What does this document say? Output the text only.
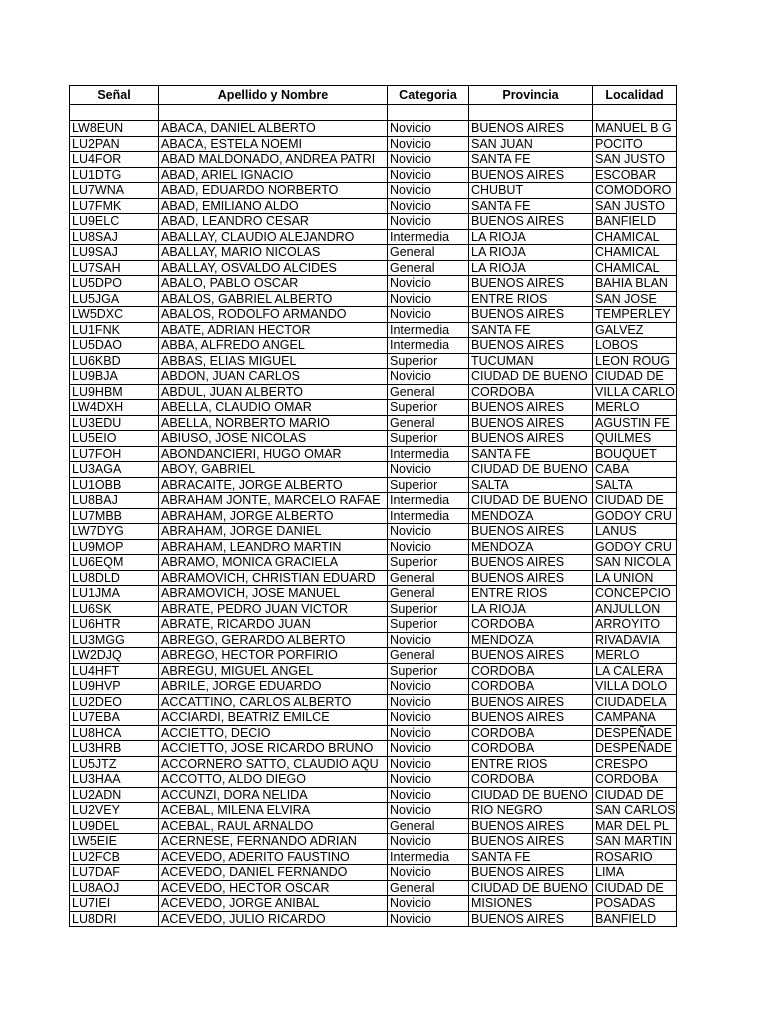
Señal	Apellido y Nombre	Categoria	Provincia	Localidad

LW8EUN	ABACA, DANIEL ALBERTO	Novicio	BUENOS AIRES	MANUEL B G
LU2PAN	ABACA, ESTELA NOEMI	Novicio	SAN JUAN	POCITO
LU4FOR	ABAD MALDONADO, ANDREA PATRI	Novicio	SANTA FE	SAN JUSTO
LU1DTG	ABAD, ARIEL IGNACIO	Novicio	BUENOS AIRES	ESCOBAR
LU7WNA	ABAD, EDUARDO NORBERTO	Novicio	CHUBUT	COMODORO
LU7FMK	ABAD, EMILIANO ALDO	Novicio	SANTA FE	SAN JUSTO
LU9ELC	ABAD, LEANDRO CESAR	Novicio	BUENOS AIRES	BANFIELD
LU8SAJ	ABALLAY, CLAUDIO ALEJANDRO	Intermedia	LA RIOJA	CHAMICAL
LU9SAJ	ABALLAY, MARIO NICOLAS	General	LA RIOJA	CHAMICAL
LU7SAH	ABALLAY, OSVALDO ALCIDES	General	LA RIOJA	CHAMICAL
LU5DPO	ABALO, PABLO OSCAR	Novicio	BUENOS AIRES	BAHIA BLAN
LU5JGA	ABALOS, GABRIEL ALBERTO	Novicio	ENTRE RIOS	SAN JOSE
LW5DXC	ABALOS, RODOLFO ARMANDO	Novicio	BUENOS AIRES	TEMPERLEY
LU1FNK	ABATE, ADRIAN HECTOR	Intermedia	SANTA FE	GALVEZ
LU5DAO	ABBA, ALFREDO ANGEL	Intermedia	BUENOS AIRES	LOBOS
LU6KBD	ABBAS, ELIAS MIGUEL	Superior	TUCUMAN	LEON ROUG
LU9BJA	ABDON, JUAN CARLOS	Novicio	CIUDAD DE BUENO	CIUDAD DE
LU9HBM	ABDUL, JUAN ALBERTO	General	CORDOBA	VILLA CARLO
LW4DXH	ABELLA, CLAUDIO OMAR	Superior	BUENOS AIRES	MERLO
LU3EDU	ABELLA, NORBERTO MARIO	General	BUENOS AIRES	AGUSTIN FE
LU5EIO	ABIUSO, JOSE NICOLAS	Superior	BUENOS AIRES	QUILMES
LU7FOH	ABONDANCIERI, HUGO OMAR	Intermedia	SANTA FE	BOUQUET
LU3AGA	ABOY, GABRIEL	Novicio	CIUDAD DE BUENO	CABA
LU1OBB	ABRACAITE, JORGE ALBERTO	Superior	SALTA	SALTA
LU8BAJ	ABRAHAM JONTE, MARCELO RAFAE	Intermedia	CIUDAD DE BUENO	CIUDAD DE
LU7MBB	ABRAHAM, JORGE ALBERTO	Intermedia	MENDOZA	GODOY CRU
LW7DYG	ABRAHAM, JORGE DANIEL	Novicio	BUENOS AIRES	LANUS
LU9MOP	ABRAHAM, LEANDRO MARTIN	Novicio	MENDOZA	GODOY CRU
LU6EQM	ABRAMO, MONICA GRACIELA	Superior	BUENOS AIRES	SAN NICOLA
LU8DLD	ABRAMOVICH, CHRISTIAN EDUARD	General	BUENOS AIRES	LA UNION
LU1JMA	ABRAMOVICH, JOSE MANUEL	General	ENTRE RIOS	CONCEPCIO
LU6SK	ABRATE, PEDRO JUAN VICTOR	Superior	LA RIOJA	ANJULLON
LU6HTR	ABRATE, RICARDO JUAN	Superior	CORDOBA	ARROYITO
LU3MGG	ABREGO, GERARDO ALBERTO	Novicio	MENDOZA	RIVADAVIA
LW2DJQ	ABREGO, HECTOR PORFIRIO	General	BUENOS AIRES	MERLO
LU4HFT	ABREGU, MIGUEL ANGEL	Superior	CORDOBA	LA CALERA
LU9HVP	ABRILE, JORGE EDUARDO	Novicio	CORDOBA	VILLA DOLO
LU2DEO	ACCATTINO, CARLOS ALBERTO	Novicio	BUENOS AIRES	CIUDADELA
LU7EBA	ACCIARDI, BEATRIZ EMILCE	Novicio	BUENOS AIRES	CAMPANA
LU8HCA	ACCIETTO, DECIO	Novicio	CORDOBA	DESPEÑADE
LU3HRB	ACCIETTO, JOSE RICARDO BRUNO	Novicio	CORDOBA	DESPEÑADE
LU5JTZ	ACCORNERO SATTO, CLAUDIO AQU	Novicio	ENTRE RIOS	CRESPO
LU3HAA	ACCOTTO, ALDO DIEGO	Novicio	CORDOBA	CORDOBA
LU2ADN	ACCUNZI, DORA NELIDA	Novicio	CIUDAD DE BUENO	CIUDAD DE
LU2VEY	ACEBAL, MILENA ELVIRA	Novicio	RIO NEGRO	SAN CARLOS
LU9DEL	ACEBAL, RAUL ARNALDO	General	BUENOS AIRES	MAR DEL PL
LW5EIE	ACERNESE, FERNANDO ADRIAN	Novicio	BUENOS AIRES	SAN MARTIN
LU2FCB	ACEVEDO, ADERITO FAUSTINO	Intermedia	SANTA FE	ROSARIO
LU7DAF	ACEVEDO, DANIEL FERNANDO	Novicio	BUENOS AIRES	LIMA
LU8AOJ	ACEVEDO, HECTOR OSCAR	General	CIUDAD DE BUENO	CIUDAD DE
LU7IEI	ACEVEDO, JORGE ANIBAL	Novicio	MISIONES	POSADAS
LU8DRI	ACEVEDO, JULIO RICARDO	Novicio	BUENOS AIRES	BANFIELD
